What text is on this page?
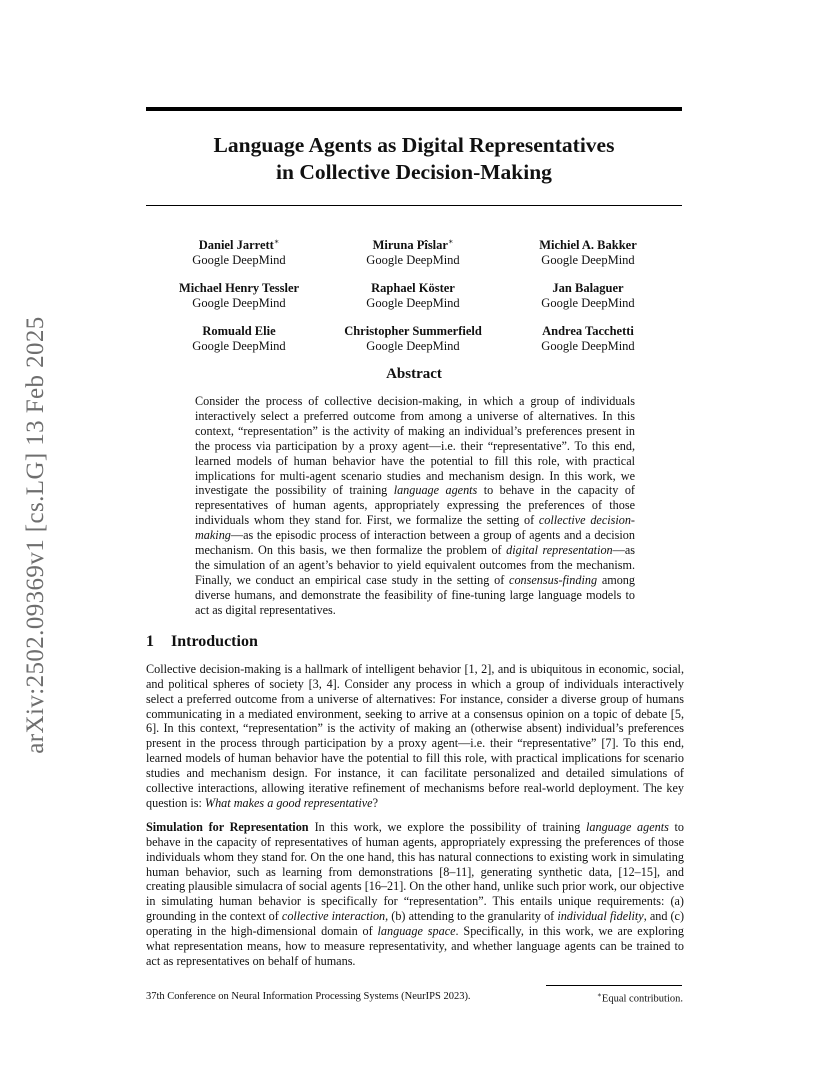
arXiv:2502.09369v1 [cs.LG] 13 Feb 2025
Language Agents as Digital Representatives
in Collective Decision-Making
Daniel Jarrett∗
Google DeepMind
Miruna Pîslar∗
Google DeepMind
Michiel A. Bakker
Google DeepMind
Michael Henry Tessler
Google DeepMind
Raphael Köster
Google DeepMind
Jan Balaguer
Google DeepMind
Romuald Elie
Google DeepMind
Christopher Summerfield
Google DeepMind
Andrea Tacchetti
Google DeepMind
Abstract
Consider the process of collective decision-making, in which a group of individuals interactively select a preferred outcome from among a universe of alternatives. In this context, “representation” is the activity of making an individual’s preferences present in the process via participation by a proxy agent—i.e. their “representative”. To this end, learned models of human behavior have the potential to fill this role, with practical implications for multi-agent scenario studies and mechanism design. In this work, we investigate the possibility of training language agents to behave in the capacity of representatives of human agents, appropriately expressing the preferences of those individuals whom they stand for. First, we formalize the setting of collective decision-making—as the episodic process of interaction between a group of agents and a decision mechanism. On this basis, we then formalize the problem of digital representation—as the simulation of an agent’s behavior to yield equivalent outcomes from the mechanism. Finally, we conduct an empirical case study in the setting of consensus-finding among diverse humans, and demonstrate the feasibility of fine-tuning large language models to act as digital representatives.
1 Introduction
Collective decision-making is a hallmark of intelligent behavior [1, 2], and is ubiquitous in economic, social, and political spheres of society [3, 4]. Consider any process in which a group of individuals interactively select a preferred outcome from a universe of alternatives: For instance, consider a diverse group of humans communicating in a mediated environment, seeking to arrive at a consensus opinion on a topic of debate [5, 6]. In this context, “representation” is the activity of making an (otherwise absent) individual’s preferences present in the process through participation by a proxy agent—i.e. their “representative” [7]. To this end, learned models of human behavior have the potential to fill this role, with practical implications for scenario studies and mechanism design. For instance, it can facilitate personalized and detailed simulations of collective interactions, allowing iterative refinement of mechanisms before real-world deployment. The key question is: What makes a good representative?
Simulation for Representation In this work, we explore the possibility of training language agents to behave in the capacity of representatives of human agents, appropriately expressing the preferences of those individuals whom they stand for. On the one hand, this has natural connections to existing work in simulating human behavior, such as learning from demonstrations [8–11], generating synthetic data, [12–15], and creating plausible simulacra of social agents [16–21]. On the other hand, unlike such prior work, our objective in simulating human behavior is specifically for “representation”. This entails unique requirements: (a) grounding in the context of collective interaction, (b) attending to the granularity of individual fidelity, and (c) operating in the high-dimensional domain of language space. Specifically, in this work, we are exploring what representation means, how to measure representativity, and whether language agents can be trained to act as representatives on behalf of humans.
37th Conference on Neural Information Processing Systems (NeurIPS 2023).	∗Equal contribution.
